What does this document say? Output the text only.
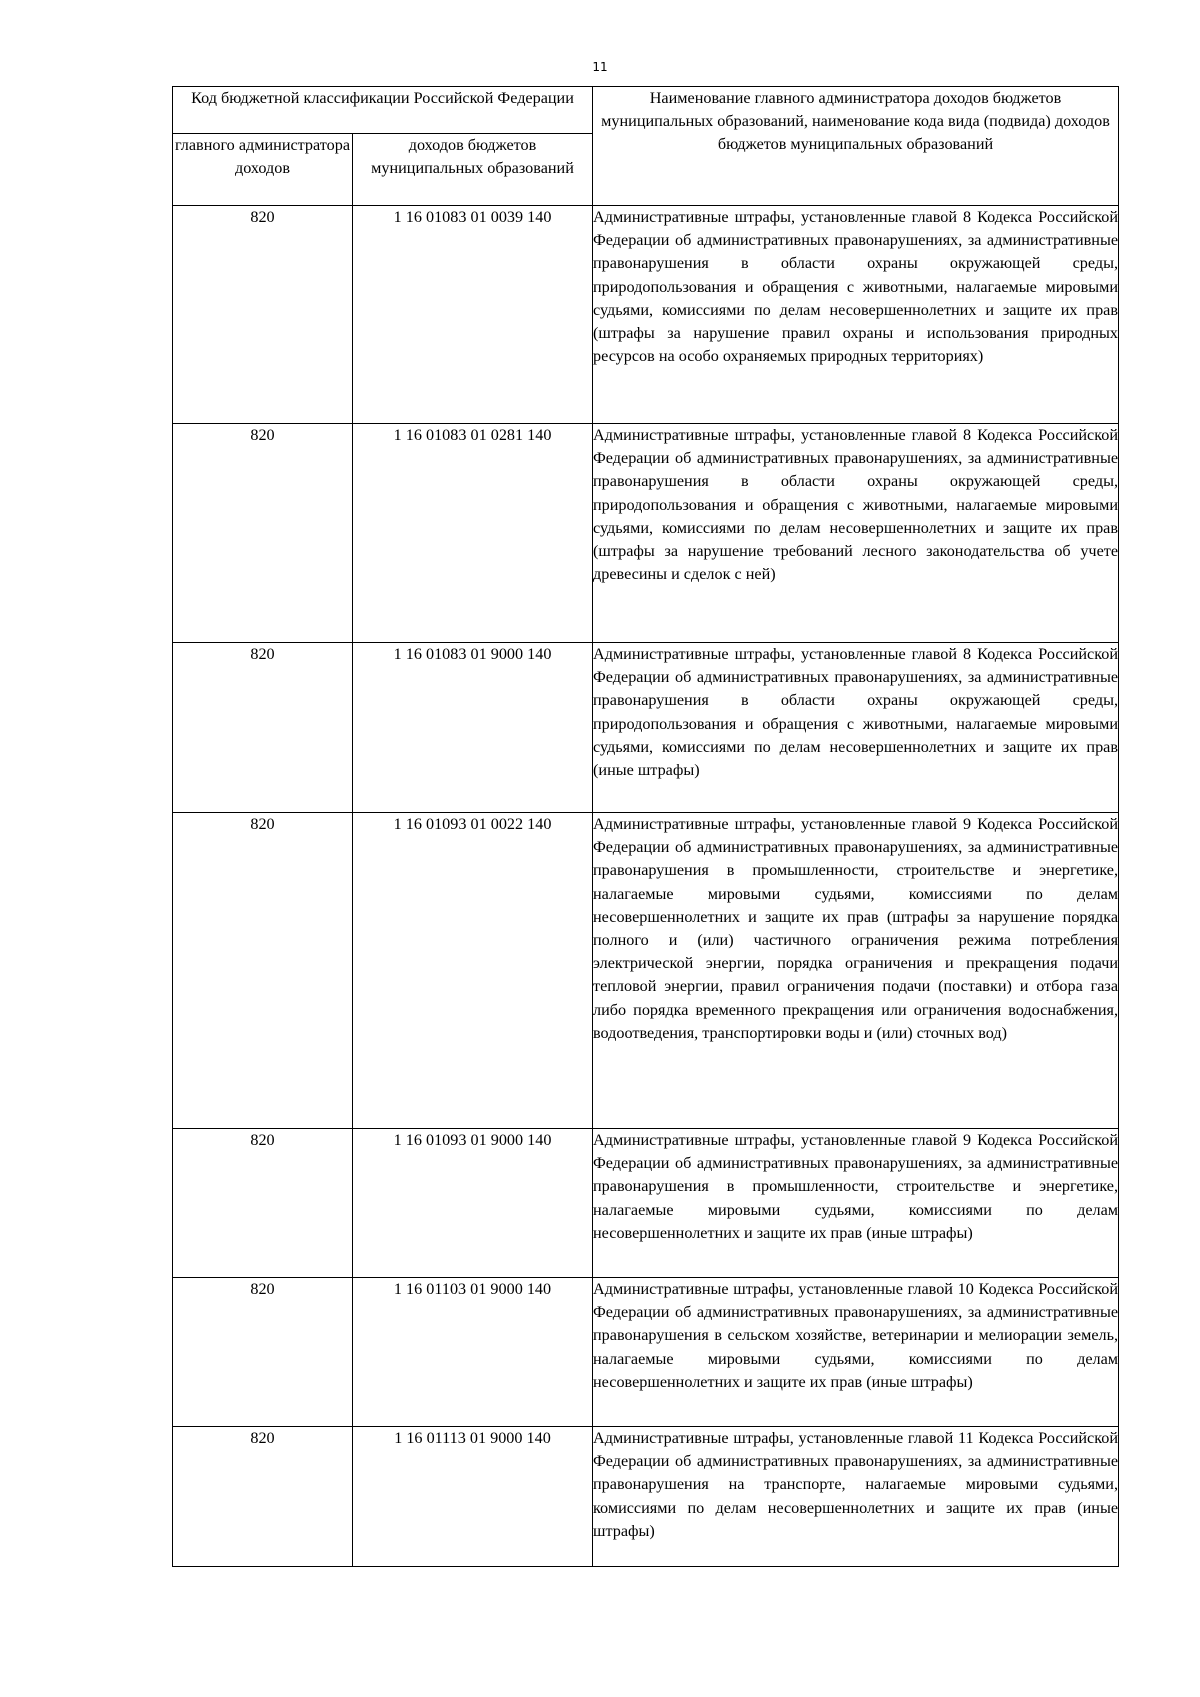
11
Код бюджетной классификации Российской Федерации		Наименование главного администратора доходов бюджетов муниципальных образований, наименование кода вида (подвида) доходов бюджетов муниципальных образований
главного администратора доходов	доходов бюджетов муниципальных образований	
820	1 16 01083 01 0039 140	Административные штрафы, установленные главой 8 Кодекса Российской Федерации об административных правонарушениях, за административные правонарушения в области охраны окружающей среды, природопользования и обращения с животными, налагаемые мировыми судьями, комиссиями по делам несовершеннолетних и защите их прав (штрафы за нарушение правил охраны и использования природных ресурсов на особо охраняемых природных территориях)
820	1 16 01083 01 0281 140	Административные штрафы, установленные главой 8 Кодекса Российской Федерации об административных правонарушениях, за административные правонарушения в области охраны окружающей среды, природопользования и обращения с животными, налагаемые мировыми судьями, комиссиями по делам несовершеннолетних и защите их прав (штрафы за нарушение требований лесного законодательства об учете древесины и сделок с ней)
820	1 16 01083 01 9000 140	Административные штрафы, установленные главой 8 Кодекса Российской Федерации об административных правонарушениях, за административные правонарушения в области охраны окружающей среды, природопользования и обращения с животными, налагаемые мировыми судьями, комиссиями по делам несовершеннолетних и защите их прав (иные штрафы)
820	1 16 01093 01 0022 140	Административные штрафы, установленные главой 9 Кодекса Российской Федерации об административных правонарушениях, за административные правонарушения в промышленности, строительстве и энергетике, налагаемые мировыми судьями, комиссиями по делам несовершеннолетних и защите их прав (штрафы за нарушение порядка полного и (или) частичного ограничения режима потребления электрической энергии, порядка ограничения и прекращения подачи тепловой энергии, правил ограничения подачи (поставки) и отбора газа либо порядка временного прекращения или ограничения водоснабжения, водоотведения, транспортировки воды и (или) сточных вод)
820	1 16 01093 01 9000 140	Административные штрафы, установленные главой 9 Кодекса Российской Федерации об административных правонарушениях, за административные правонарушения в промышленности, строительстве и энергетике, налагаемые мировыми судьями, комиссиями по делам несовершеннолетних и защите их прав (иные штрафы)
820	1 16 01103 01 9000 140	Административные штрафы, установленные главой 10 Кодекса Российской Федерации об административных правонарушениях, за административные правонарушения в сельском хозяйстве, ветеринарии и мелиорации земель, налагаемые мировыми судьями, комиссиями по делам несовершеннолетних и защите их прав (иные штрафы)
820	1 16 01113 01 9000 140	Административные штрафы, установленные главой 11 Кодекса Российской Федерации об административных правонарушениях, за административные правонарушения на транспорте, налагаемые мировыми судьями, комиссиями по делам несовершеннолетних и защите их прав (иные штрафы)
